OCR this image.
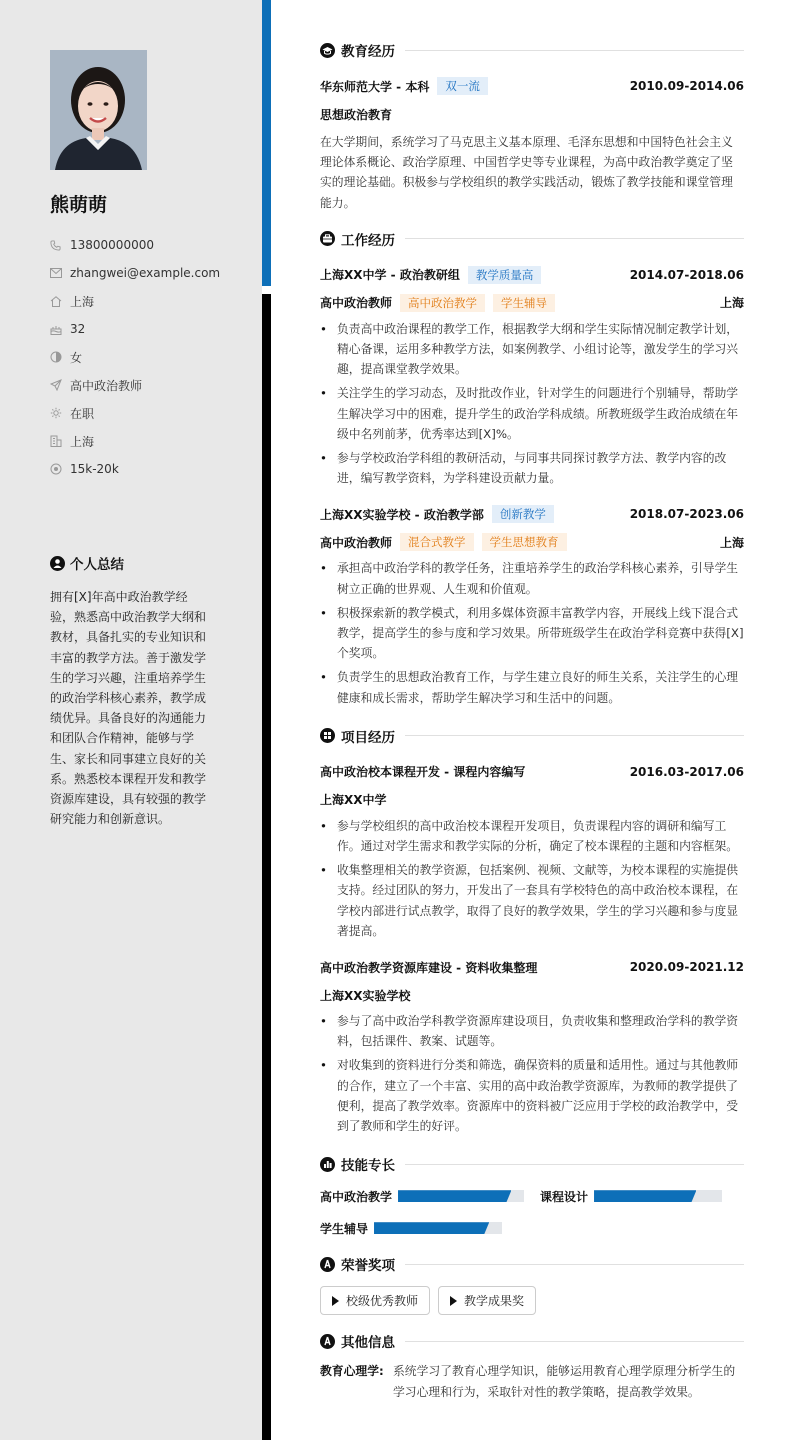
熊萌萌
13800000000
zhangwei@example.com
上海
32
女
高中政治教师
在职
上海
15k-20k
个人总结
拥有[X]年高中政治教学经验，熟悉高中政治教学大纲和教材，具备扎实的专业知识和丰富的教学方法。善于激发学生的学习兴趣，注重培养学生的政治学科核心素养，教学成绩优异。具备良好的沟通能力和团队合作精神，能够与学生、家长和同事建立良好的关系。熟悉校本课程开发和教学资源库建设，具有较强的教学研究能力和创新意识。
教育经历
华东师范大学 - 本科	双一流	2010.09-2014.06
思想政治教育
在大学期间，系统学习了马克思主义基本原理、毛泽东思想和中国特色社会主义理论体系概论、政治学原理、中国哲学史等专业课程，为高中政治教学奠定了坚实的理论基础。积极参与学校组织的教学实践活动，锻炼了教学技能和课堂管理能力。
工作经历
上海XX中学 - 政治教研组	教学质量高	2014.07-2018.06
高中政治教师	高中政治教学	学生辅导	上海
• 负责高中政治课程的教学工作，根据教学大纲和学生实际情况制定教学计划，精心备课，运用多种教学方法，如案例教学、小组讨论等，激发学生的学习兴趣，提高课堂教学效果。
• 关注学生的学习动态，及时批改作业，针对学生的问题进行个别辅导，帮助学生解决学习中的困难，提升学生的政治学科成绩。所教班级学生政治成绩在年级中名列前茅，优秀率达到[X]%。
• 参与学校政治学科组的教研活动，与同事共同探讨教学方法、教学内容的改进，编写教学资料，为学科建设贡献力量。
上海XX实验学校 - 政治教学部	创新教学	2018.07-2023.06
高中政治教师	混合式教学	学生思想教育	上海
• 承担高中政治学科的教学任务，注重培养学生的政治学科核心素养，引导学生树立正确的世界观、人生观和价值观。
• 积极探索新的教学模式，利用多媒体资源丰富教学内容，开展线上线下混合式教学，提高学生的参与度和学习效果。所带班级学生在政治学科竞赛中获得[X]个奖项。
• 负责学生的思想政治教育工作，与学生建立良好的师生关系，关注学生的心理健康和成长需求，帮助学生解决学习和生活中的问题。
项目经历
高中政治校本课程开发 - 课程内容编写	2016.03-2017.06
上海XX中学
• 参与学校组织的高中政治校本课程开发项目，负责课程内容的调研和编写工作。通过对学生需求和教学实际的分析，确定了校本课程的主题和内容框架。
• 收集整理相关的教学资源，包括案例、视频、文献等，为校本课程的实施提供支持。经过团队的努力，开发出了一套具有学校特色的高中政治校本课程，在学校内部进行试点教学，取得了良好的教学效果，学生的学习兴趣和参与度显著提高。
高中政治教学资源库建设 - 资料收集整理	2020.09-2021.12
上海XX实验学校
• 参与了高中政治学科教学资源库建设项目，负责收集和整理政治学科的教学资料，包括课件、教案、试题等。
• 对收集到的资料进行分类和筛选，确保资料的质量和适用性。通过与其他教师的合作，建立了一个丰富、实用的高中政治教学资源库，为教师的教学提供了便利，提高了教学效率。资源库中的资料被广泛应用于学校的政治教学中，受到了教师和学生的好评。
技能专长
高中政治教学	课程设计
学生辅导
荣誉奖项
校级优秀教师	教学成果奖
其他信息
教育心理学: 系统学习了教育心理学知识，能够运用教育心理学原理分析学生的学习心理和行为，采取针对性的教学策略，提高教学效果。
